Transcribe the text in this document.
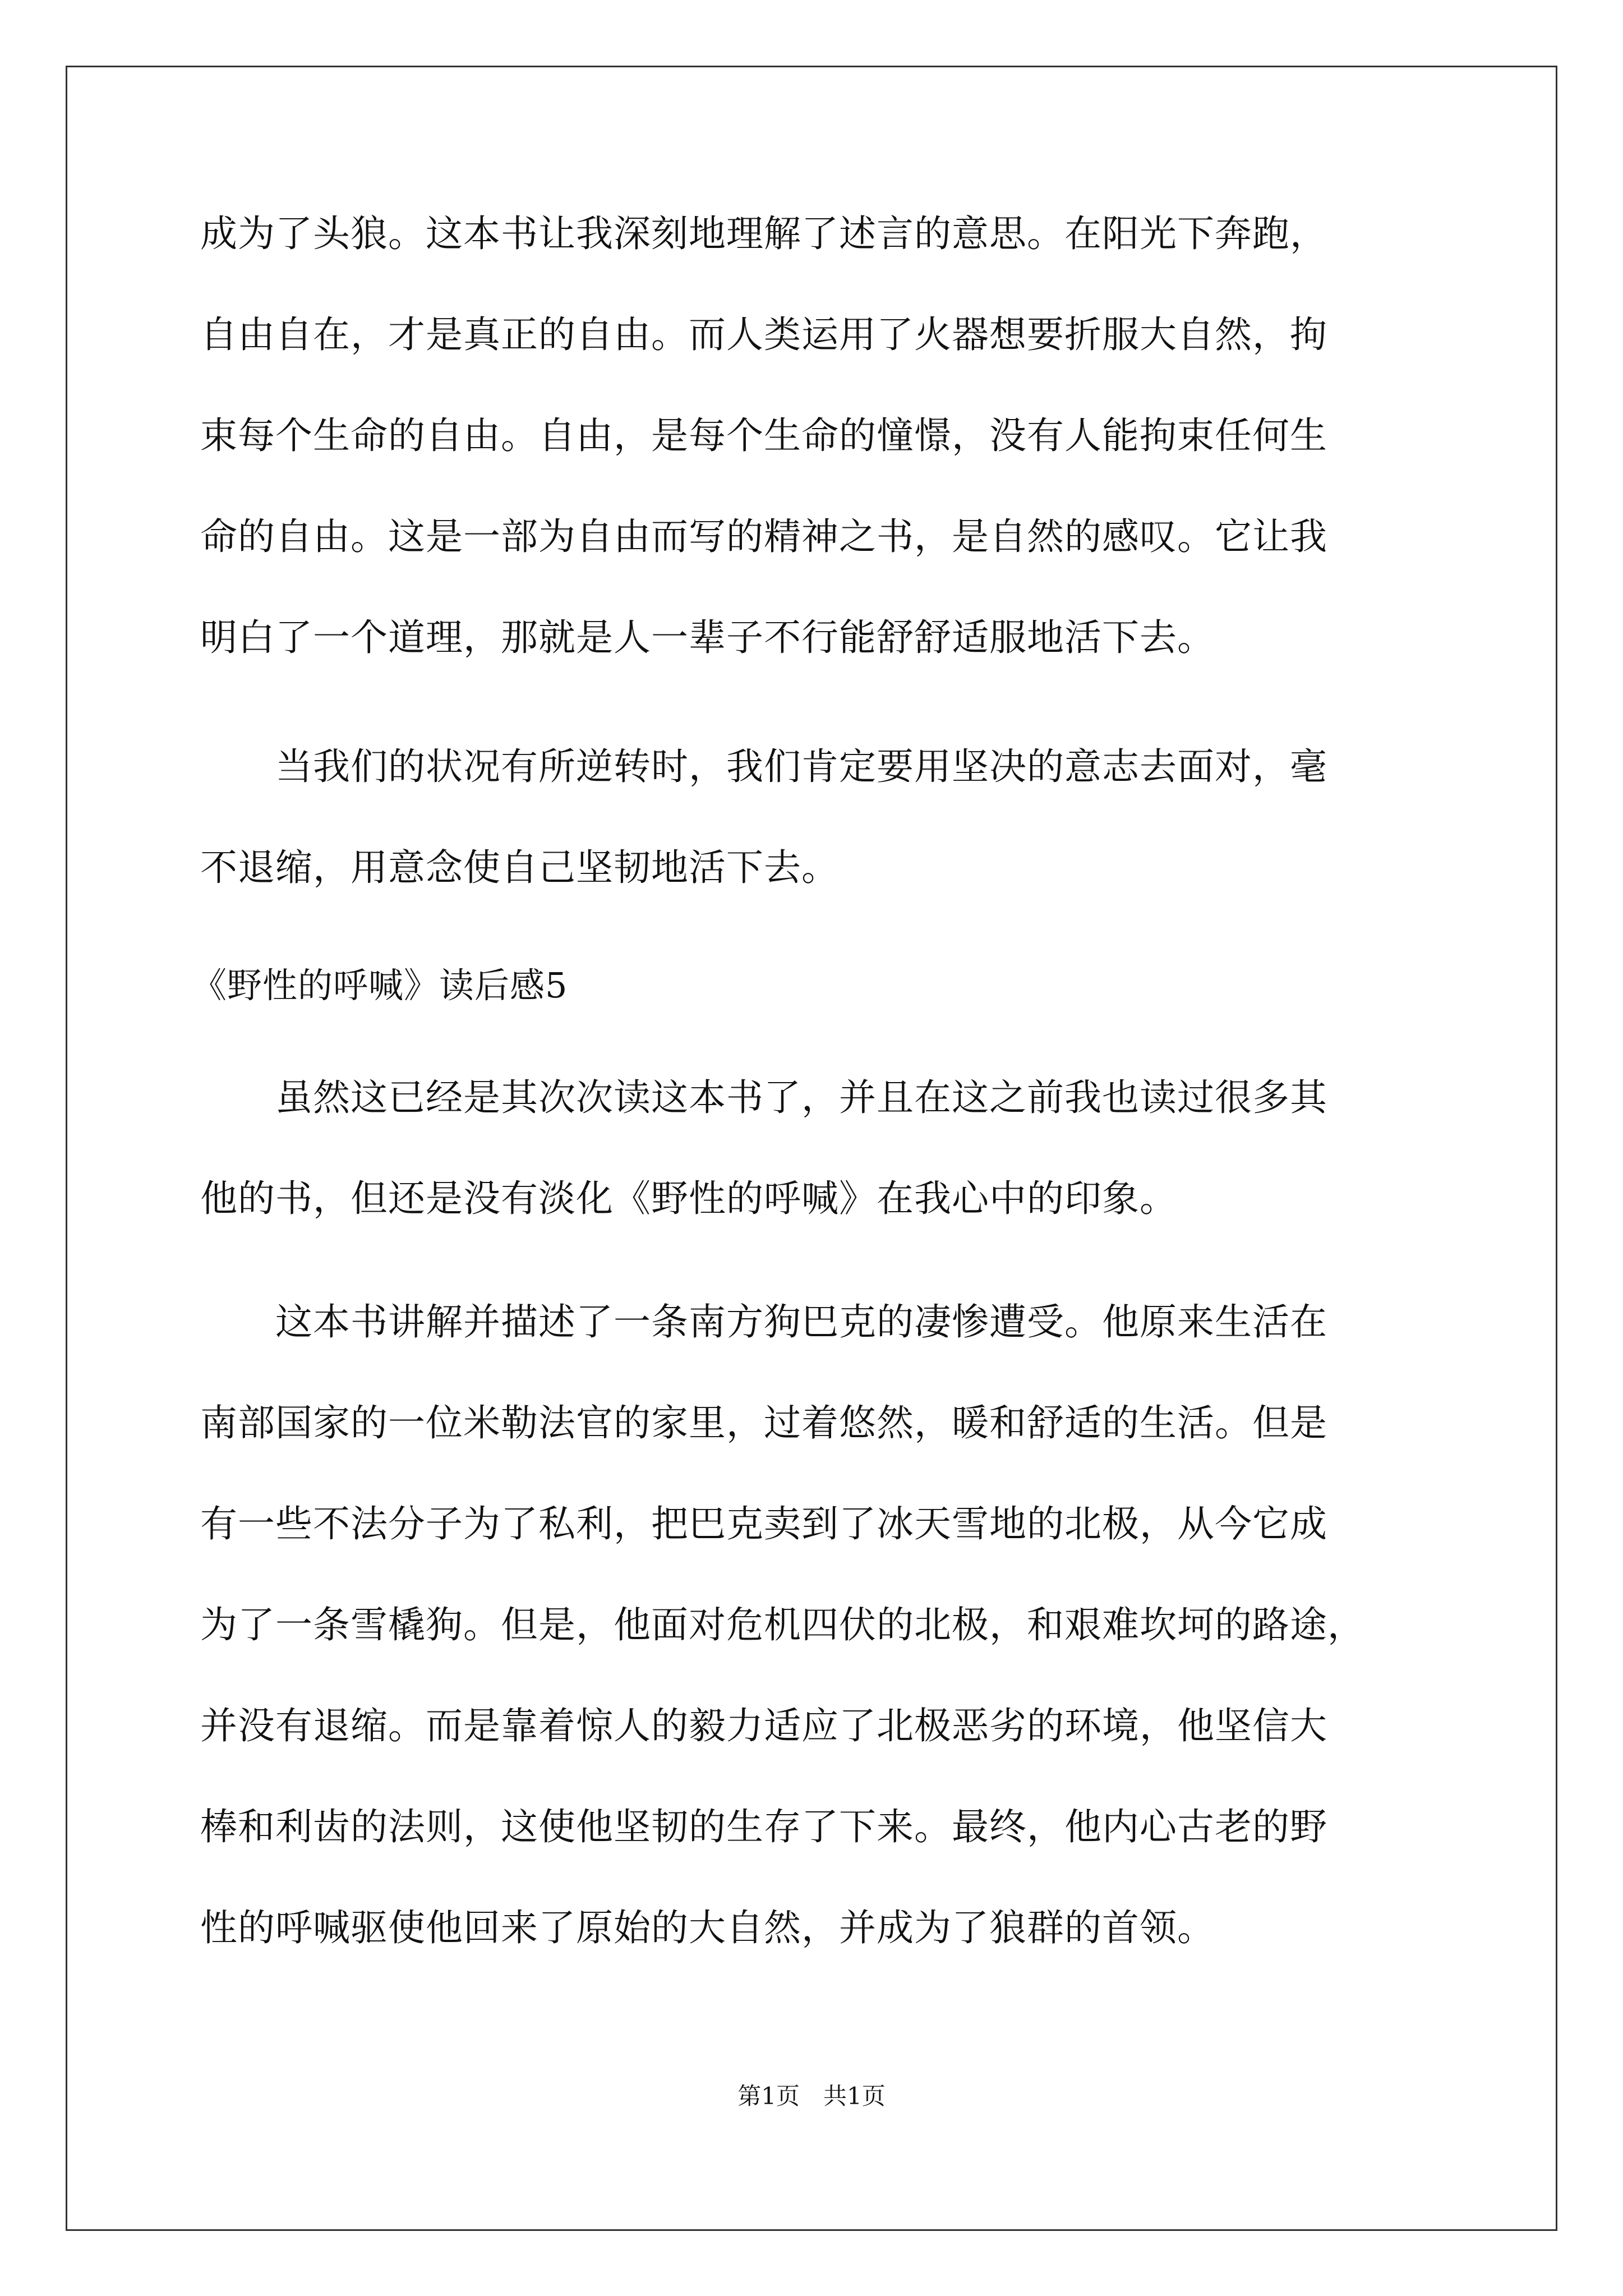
成为了头狼。这本书让我深刻地理解了述言的意思。在阳光下奔跑，
自由自在，才是真正的自由。而人类运用了火器想要折服大自然，拘
束每个生命的自由。自由，是每个生命的憧憬，没有人能拘束任何生
命的自由。这是一部为自由而写的精神之书，是自然的感叹。它让我
明白了一个道理，那就是人一辈子不行能舒舒适服地活下去。
　　当我们的状况有所逆转时，我们肯定要用坚决的意志去面对，毫
不退缩，用意念使自己坚韧地活下去。
《野性的呼喊》读后感5
　　虽然这已经是其次次读这本书了，并且在这之前我也读过很多其
他的书，但还是没有淡化《野性的呼喊》在我心中的印象。
　　这本书讲解并描述了一条南方狗巴克的凄惨遭受。他原来生活在
南部国家的一位米勒法官的家里，过着悠然，暖和舒适的生活。但是
有一些不法分子为了私利，把巴克卖到了冰天雪地的北极，从今它成
为了一条雪橇狗。但是，他面对危机四伏的北极，和艰难坎坷的路途，
并没有退缩。而是靠着惊人的毅力适应了北极恶劣的环境，他坚信大
棒和利齿的法则，这使他坚韧的生存了下来。最终，他内心古老的野
性的呼喊驱使他回来了原始的大自然，并成为了狼群的首领。
第1页　共1页
